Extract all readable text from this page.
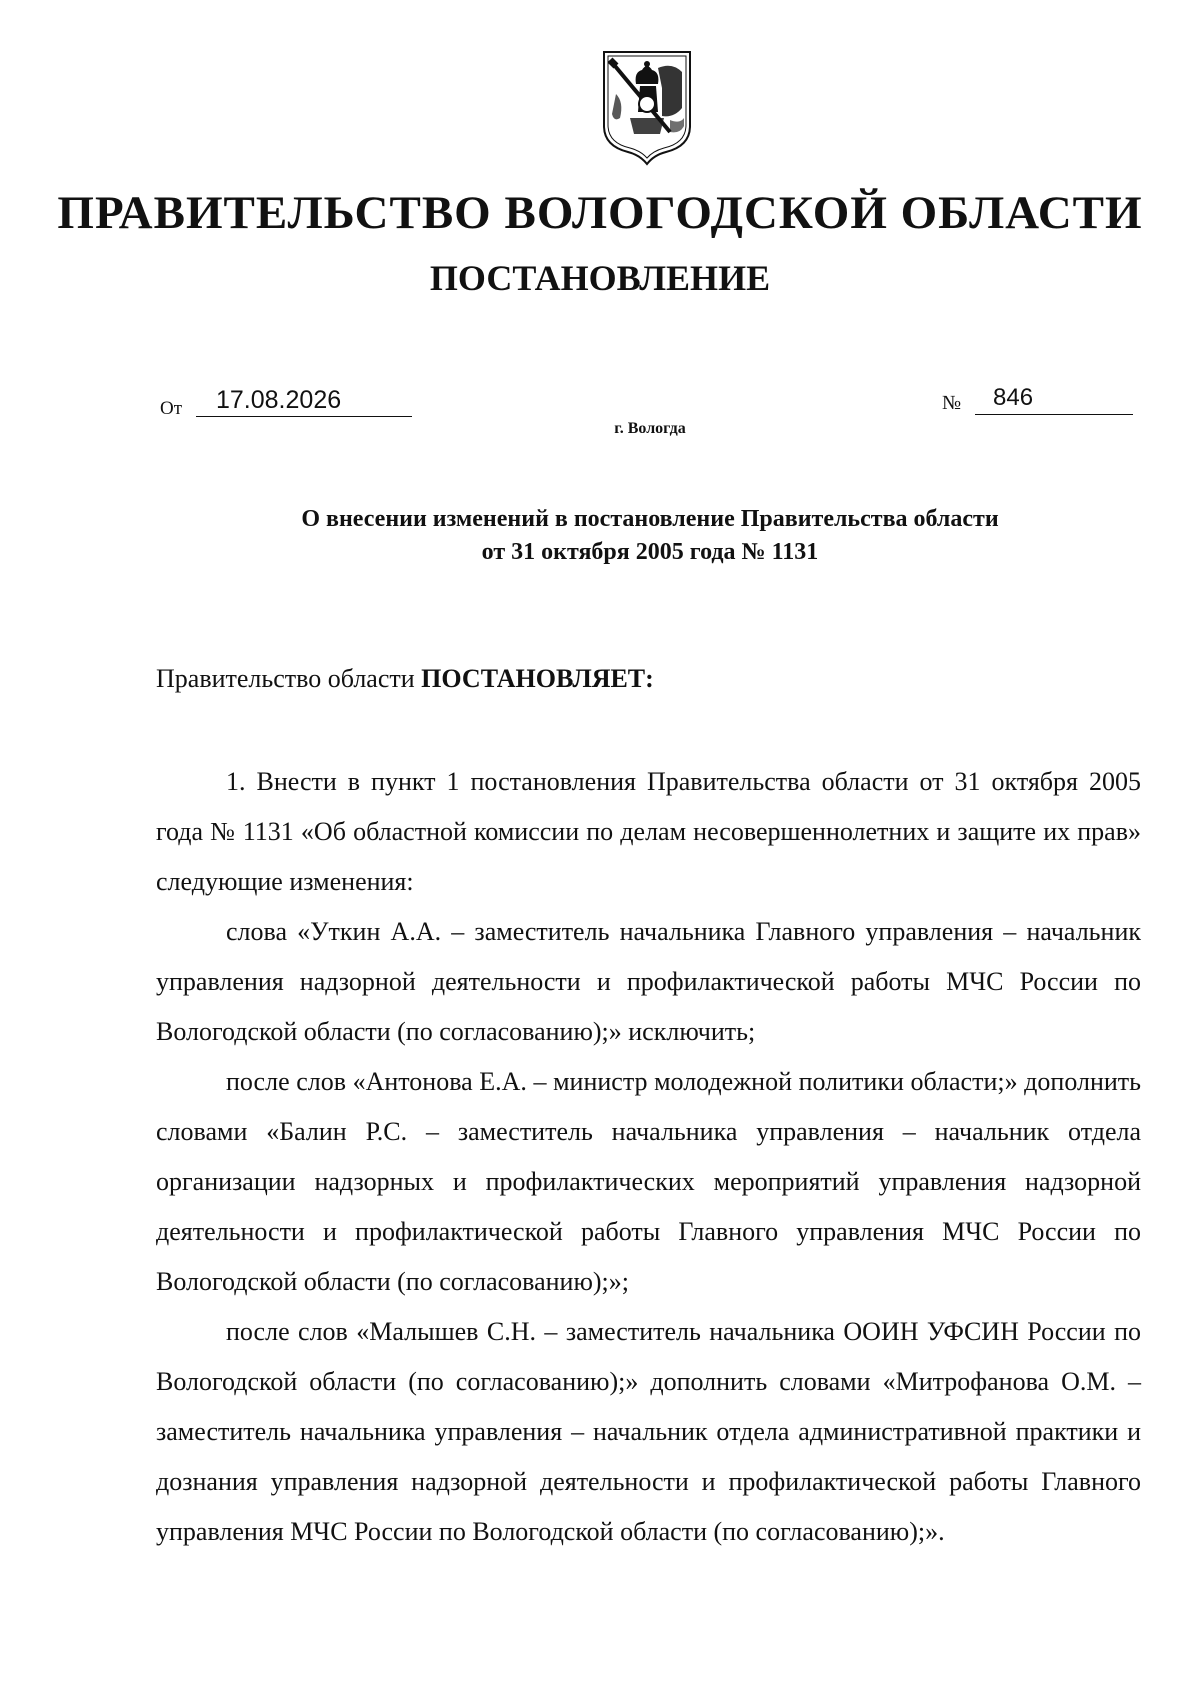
ПРАВИТЕЛЬСТВО ВОЛОГОДСКОЙ ОБЛАСТИ
ПОСТАНОВЛЕНИЕ
От 17.08.2026	№ 846
г. Вологда
О внесении изменений в постановление Правительства области
от 31 октября 2005 года № 1131
Правительство области ПОСТАНОВЛЯЕТ:

1. Внести в пункт 1 постановления Правительства области от 31 октября 2005 года № 1131 «Об областной комиссии по делам несовершеннолетних и защите их прав» следующие изменения:

слова «Уткин А.А. – заместитель начальника Главного управления – начальник управления надзорной деятельности и профилактической работы МЧС России по Вологодской области (по согласованию);» исключить;

после слов «Антонова Е.А. – министр молодежной политики области;» дополнить словами «Балин Р.С. – заместитель начальника управления – начальник отдела организации надзорных и профилактических мероприятий управления надзорной деятельности и профилактической работы Главного управления МЧС России по Вологодской области (по согласованию);»;

после слов «Малышев С.Н. – заместитель начальника ООИН УФСИН России по Вологодской области (по согласованию);» дополнить словами «Митрофанова О.М. – заместитель начальника управления – начальник отдела административной практики и дознания управления надзорной деятельности и профилактической работы Главного управления МЧС России по Вологодской области (по согласованию);».
